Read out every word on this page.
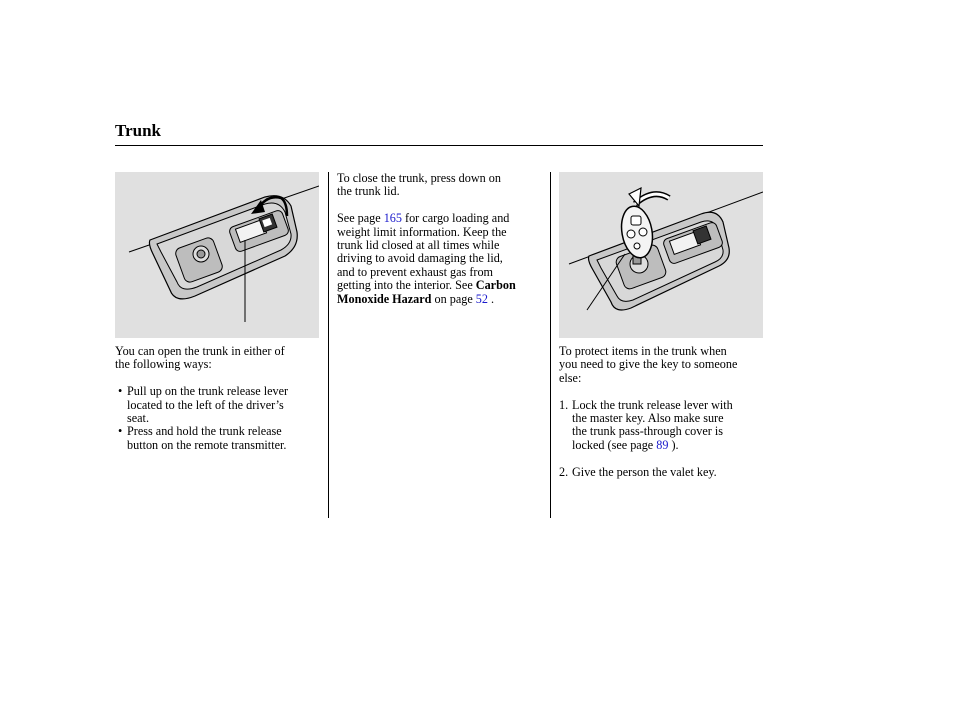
Trunk

You can open the trunk in either of

the following ways:

• Pull up on the trunk release lever

located to the left of the driver’s

seat.

• Press and hold the trunk release

button on the remote transmitter.

To close the trunk, press down on

the trunk lid.

See page 165 for cargo loading and

weight limit information. Keep the

trunk lid closed at all times while

driving to avoid damaging the lid,

and to prevent exhaust gas from

getting into the interior. See Carbon

Monoxide Hazard on page 52 .

To protect items in the trunk when

you need to give the key to someone

else:

1. Lock the trunk release lever with

the master key. Also make sure

the trunk pass-through cover is

locked (see page 89 ).

2. Give the person the valet key.
